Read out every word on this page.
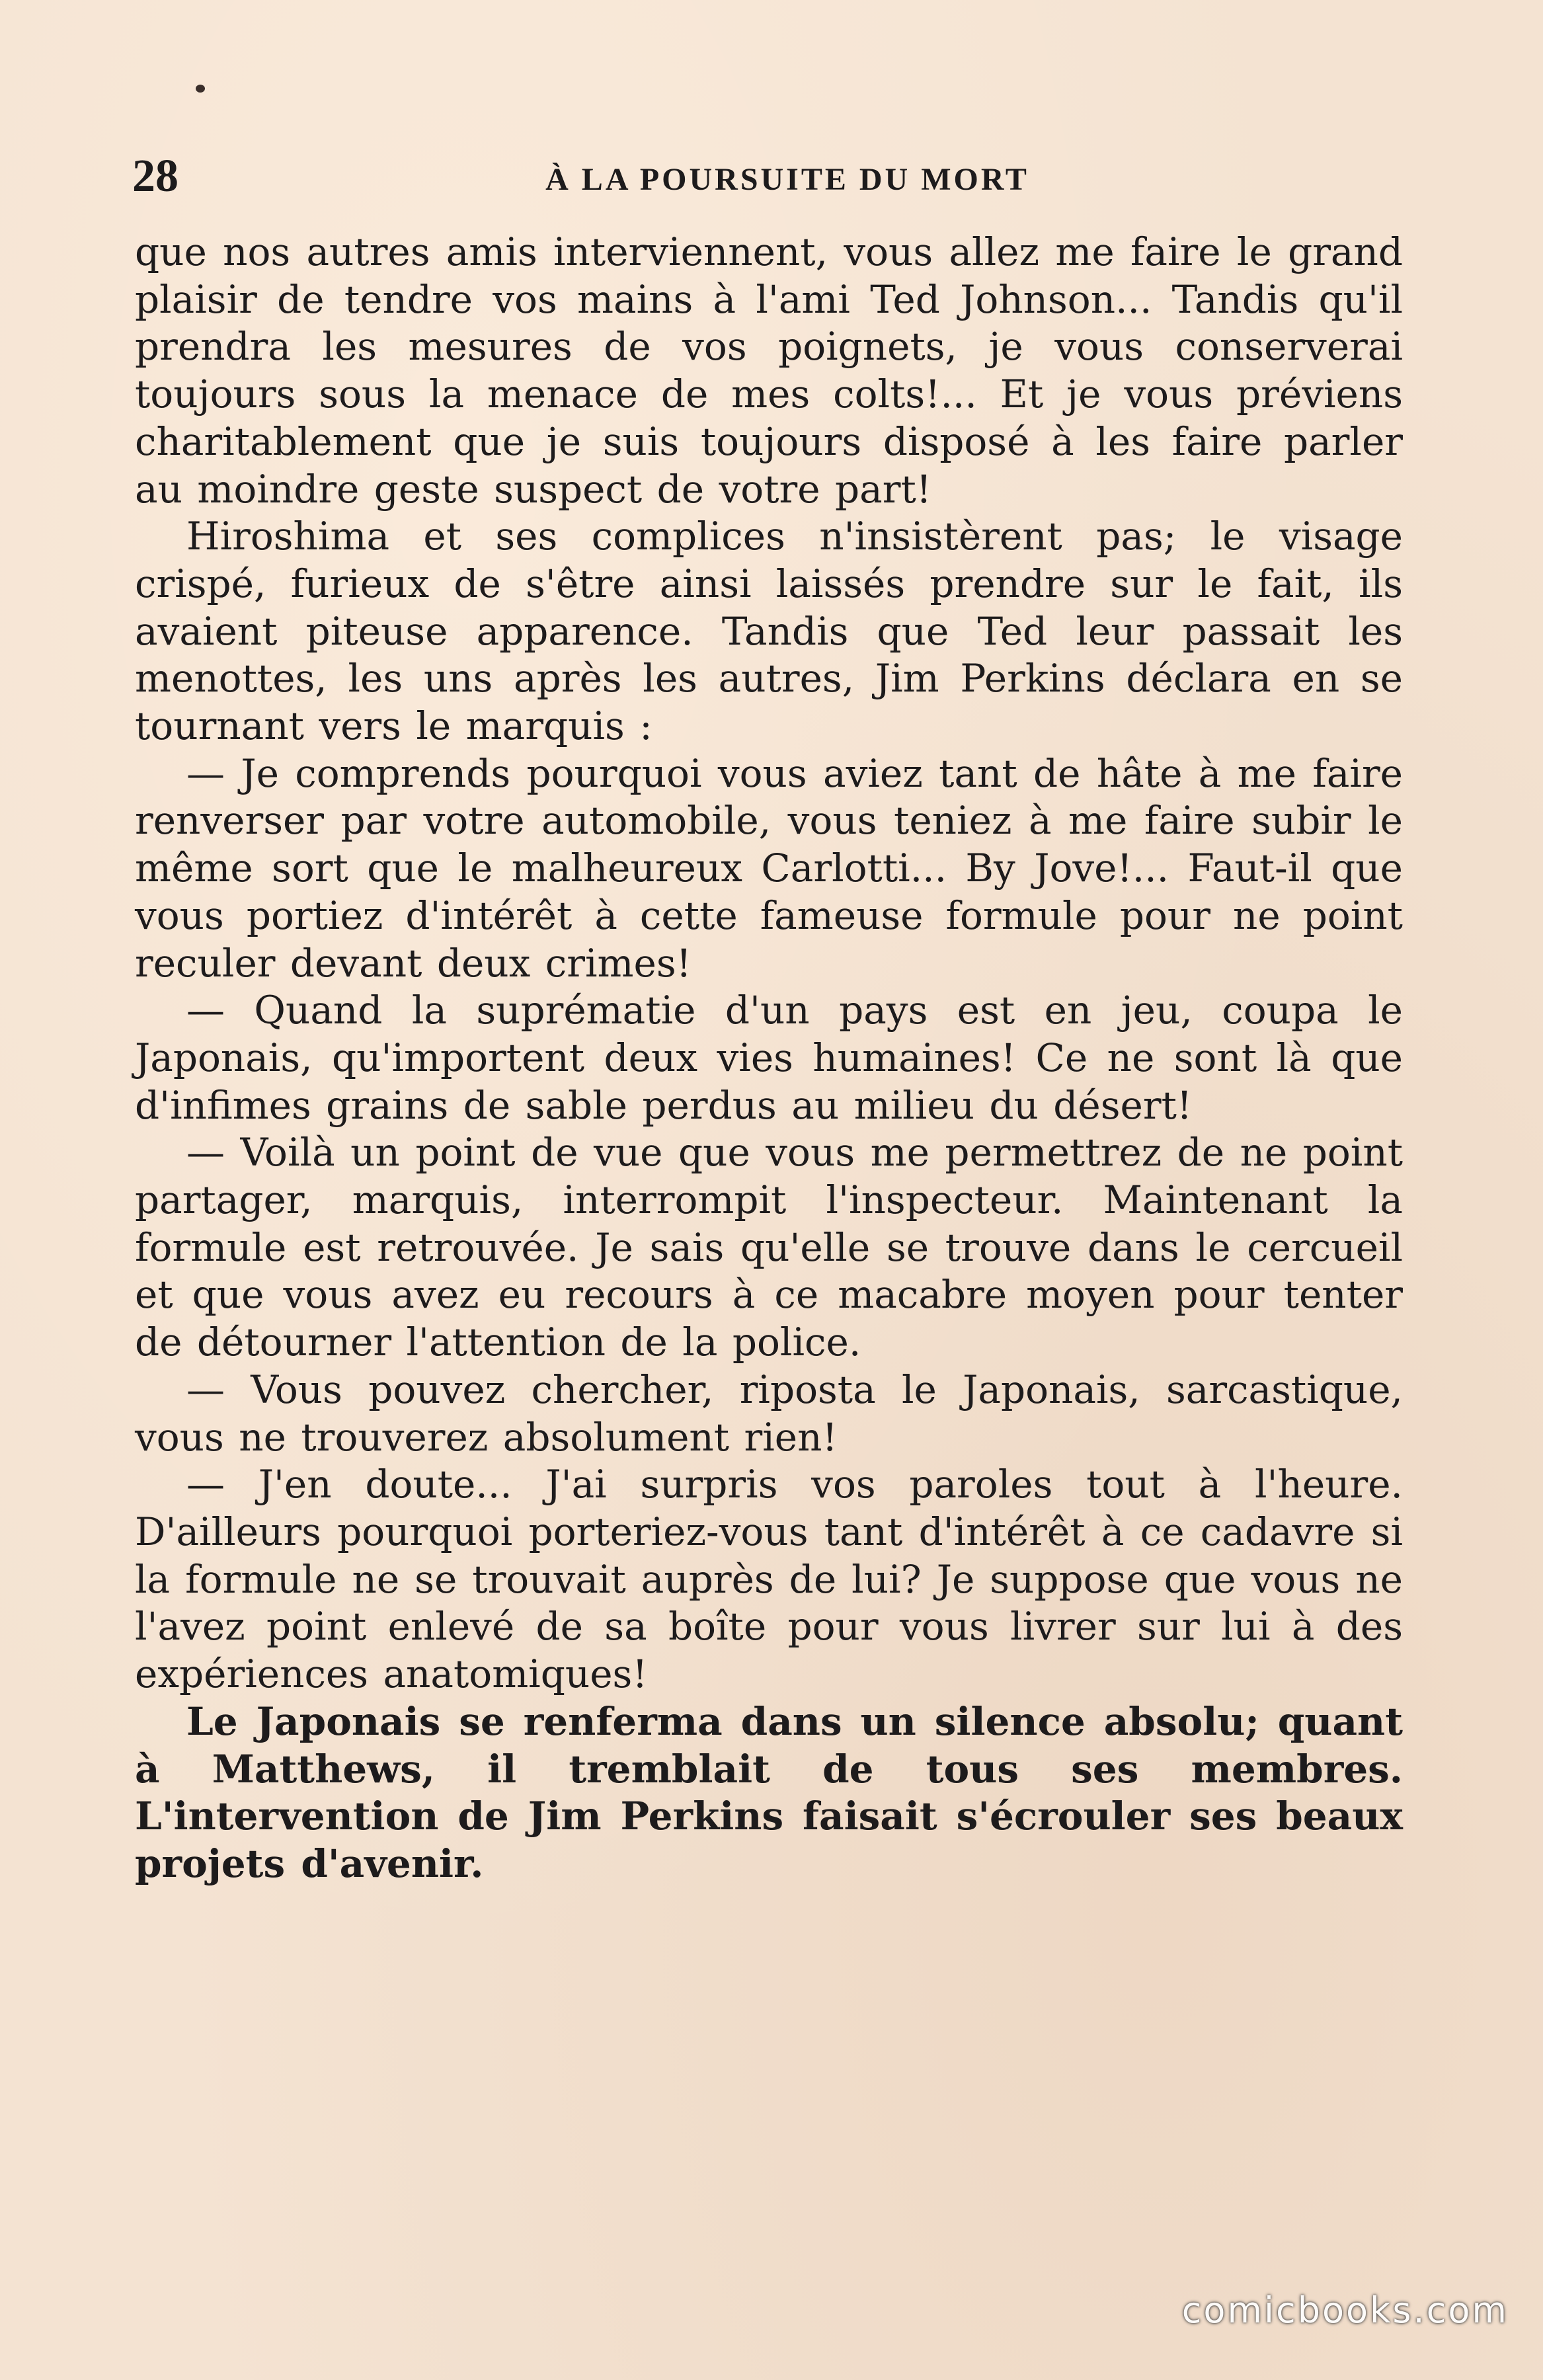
28	À LA POURSUITE DU MORT

que nos autres amis interviennent, vous allez me faire le grand plaisir de tendre vos mains à l'ami Ted Johnson... Tandis qu'il prendra les mesures de vos poignets, je vous conserverai toujours sous la menace de mes colts!... Et je vous préviens charitablement que je suis toujours disposé à les faire parler au moindre geste suspect de votre part!

Hiroshima et ses complices n'insistèrent pas; le visage crispé, furieux de s'être ainsi laissés prendre sur le fait, ils avaient piteuse apparence. Tandis que Ted leur passait les menottes, les uns après les autres, Jim Perkins déclara en se tournant vers le marquis :

— Je comprends pourquoi vous aviez tant de hâte à me faire renverser par votre automobile, vous teniez à me faire subir le même sort que le malheureux Carlotti... By Jove!... Faut-il que vous portiez d'intérêt à cette fameuse formule pour ne point reculer devant deux crimes!

— Quand la suprématie d'un pays est en jeu, coupa le Japonais, qu'importent deux vies humaines! Ce ne sont là que d'infimes grains de sable perdus au milieu du désert!

— Voilà un point de vue que vous me permettrez de ne point partager, marquis, interrompit l'inspecteur. Maintenant la formule est retrouvée. Je sais qu'elle se trouve dans le cercueil et que vous avez eu recours à ce macabre moyen pour tenter de détourner l'attention de la police.

— Vous pouvez chercher, riposta le Japonais, sarcastique, vous ne trouverez absolument rien!

— J'en doute... J'ai surpris vos paroles tout à l'heure. D'ailleurs pourquoi porteriez-vous tant d'intérêt à ce cadavre si la formule ne se trouvait auprès de lui? Je suppose que vous ne l'avez point enlevé de sa boîte pour vous livrer sur lui à des expériences anatomiques!

Le Japonais se renferma dans un silence absolu; quant à Matthews, il tremblait de tous ses membres. L'intervention de Jim Perkins faisait s'écrouler ses beaux projets d'avenir.

comicbooks.com
